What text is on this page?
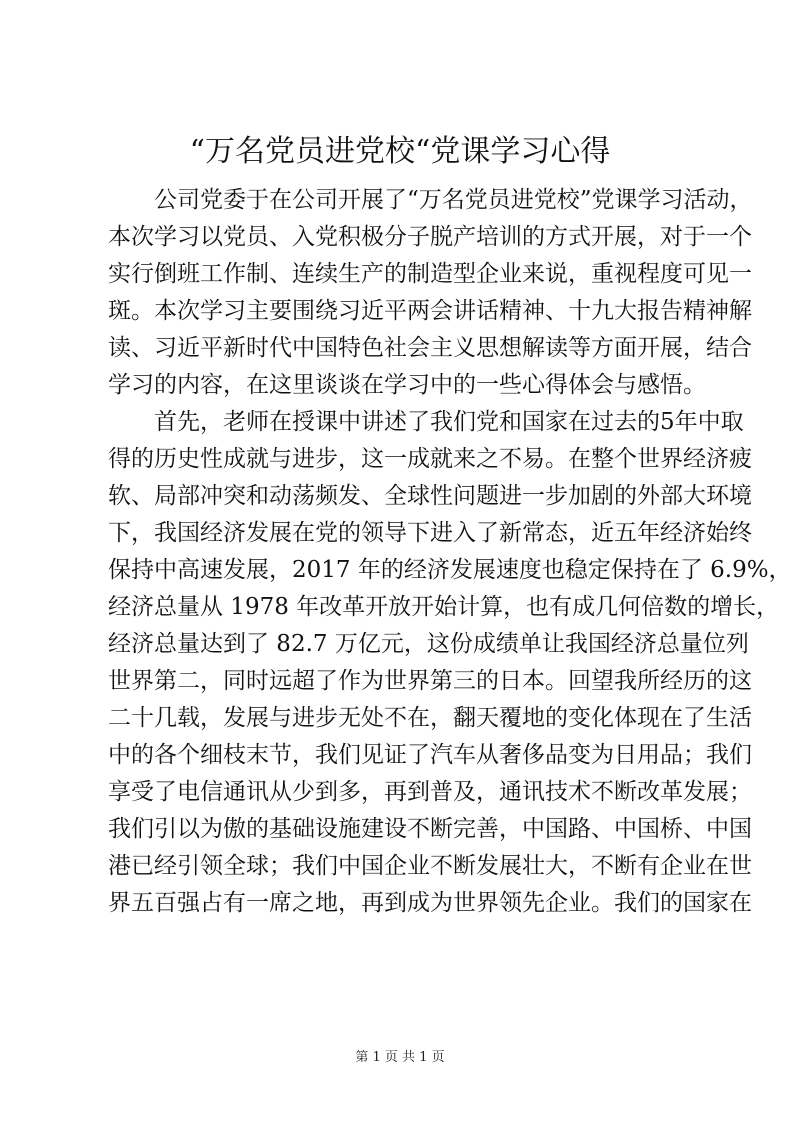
“万名党员进党校“党课学习心得

公司党委于在公司开展了“万名党员进党校”党课学习活动，
本次学习以党员、入党积极分子脱产培训的方式开展，对于一个
实行倒班工作制、连续生产的制造型企业来说，重视程度可见一
斑。本次学习主要围绕习近平两会讲话精神、十九大报告精神解
读、习近平新时代中国特色社会主义思想解读等方面开展，结合
学习的内容，在这里谈谈在学习中的一些心得体会与感悟。

首先，老师在授课中讲述了我们党和国家在过去的5年中取
得的历史性成就与进步，这一成就来之不易。在整个世界经济疲
软、局部冲突和动荡频发、全球性问题进一步加剧的外部大环境
下，我国经济发展在党的领导下进入了新常态，近五年经济始终
保持中高速发展，2017 年的经济发展速度也稳定保持在了 6.9%，
经济总量从 1978 年改革开放开始计算，也有成几何倍数的增长，
经济总量达到了 82.7 万亿元，这份成绩单让我国经济总量位列
世界第二，同时远超了作为世界第三的日本。回望我所经历的这
二十几载，发展与进步无处不在，翻天覆地的变化体现在了生活
中的各个细枝末节，我们见证了汽车从奢侈品变为日用品；我们
享受了电信通讯从少到多，再到普及，通讯技术不断改革发展；
我们引以为傲的基础设施建设不断完善，中国路、中国桥、中国
港已经引领全球；我们中国企业不断发展壮大，不断有企业在世
界五百强占有一席之地，再到成为世界领先企业。我们的国家在

第 1 页 共 1 页
